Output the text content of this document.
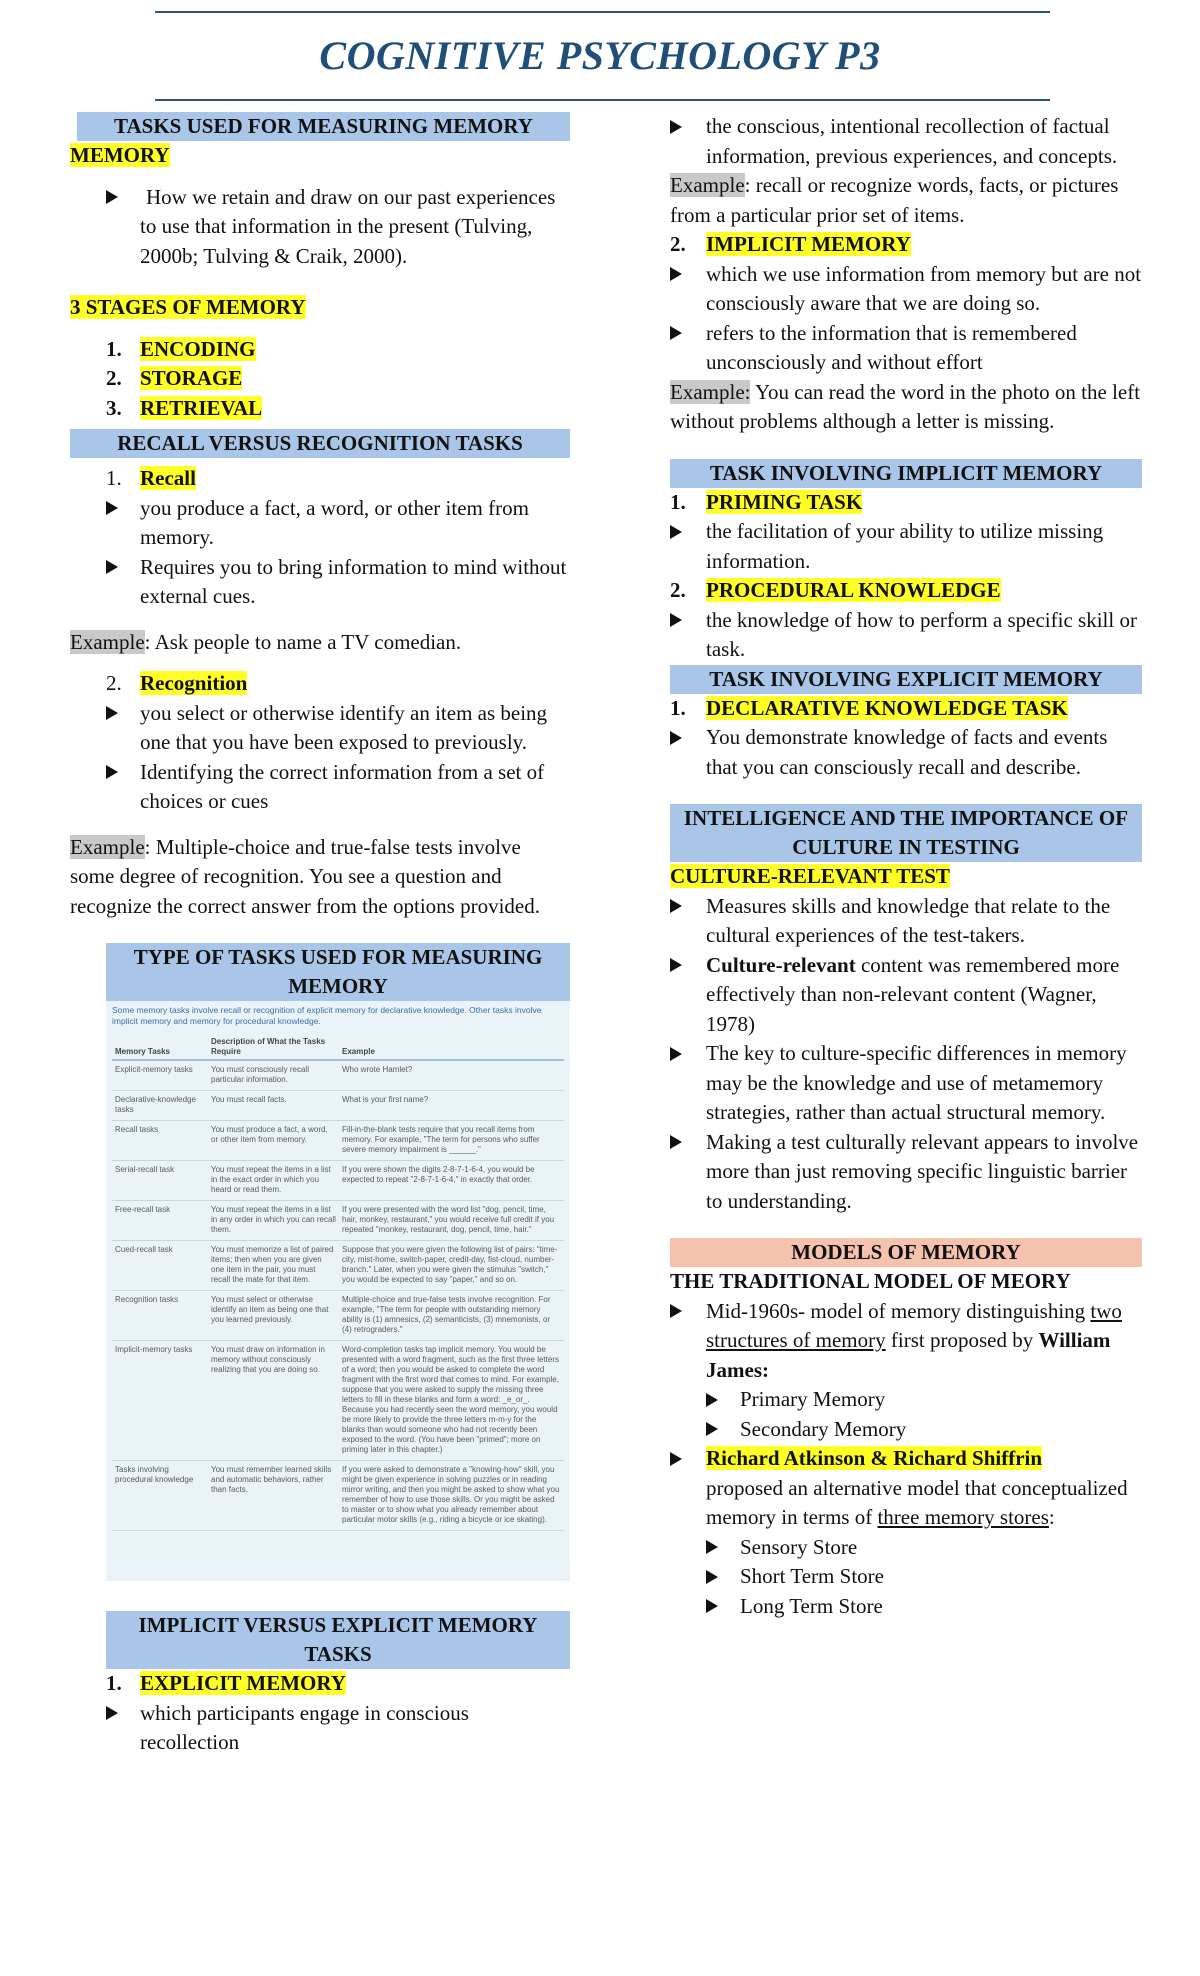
COGNITIVE PSYCHOLOGY P3
TASKS USED FOR MEASURING MEMORY
MEMORY
How we retain and draw on our past experiences to use that information in the present (Tulving, 2000b; Tulving & Craik, 2000).
3 STAGES OF MEMORY
1. ENCODING
2. STORAGE
3. RETRIEVAL
RECALL VERSUS RECOGNITION TASKS
1. Recall
you produce a fact, a word, or other item from memory.
Requires you to bring information to mind without external cues.
Example: Ask people to name a TV comedian.
2. Recognition
you select or otherwise identify an item as being one that you have been exposed to previously.
Identifying the correct information from a set of choices or cues
Example: Multiple-choice and true-false tests involve some degree of recognition. You see a question and recognize the correct answer from the options provided.
TYPE OF TASKS USED FOR MEASURING MEMORY
Some memory tasks involve recall or recognition of explicit memory for declarative knowledge. Other tasks involve implicit memory and memory for procedural knowledge.
Memory Tasks	Description of What the Tasks Require	Example
Explicit-memory tasks	You must consciously recall particular information.	Who wrote Hamlet?
Declarative-knowledge tasks	You must recall facts.	What is your first name?
Recall tasks	You must produce a fact, a word, or other item from memory.	Fill-in-the-blank tests require that you recall items from memory. For example, "The term for persons who suffer severe memory impairment is ______."
Serial-recall task	You must repeat the items in a list in the exact order in which you heard or read them.	If you were shown the digits 2-8-7-1-6-4, you would be expected to repeat "2-8-7-1-6-4," in exactly that order.
Free-recall task	You must repeat the items in a list in any order in which you can recall them.	If you were presented with the word list "dog, pencil, time, hair, monkey, restaurant," you would receive full credit if you repeated "monkey, restaurant, dog, pencil, time, hair."
Cued-recall task	You must memorize a list of paired items; then when you are given one item in the pair, you must recall the mate for that item.	Suppose that you were given the following list of pairs: "time-city, mist-home, switch-paper, credit-day, fist-cloud, number-branch." Later, when you were given the stimulus "switch," you would be expected to say "paper," and so on.
Recognition tasks	You must select or otherwise identify an item as being one that you learned previously.	Multiple-choice and true-false tests involve recognition. For example, "The term for people with outstanding memory ability is (1) amnesics, (2) semanticists, (3) mnemonists, or (4) retrograders."
Implicit-memory tasks	You must draw on information in memory without consciously realizing that you are doing so.	Word-completion tasks tap implicit memory. You would be presented with a word fragment, such as the first three letters of a word; then you would be asked to complete the word fragment with the first word that comes to mind. For example, suppose that you were asked to supply the missing three letters to fill in these blanks and form a word: _e_or_. Because you had recently seen the word memory, you would be more likely to provide the three letters m-m-y for the blanks than would someone who had not recently been exposed to the word. (You have been "primed"; more on priming later in this chapter.)
Tasks involving procedural knowledge	You must remember learned skills and automatic behaviors, rather than facts.	If you were asked to demonstrate a "knowing-how" skill, you might be given experience in solving puzzles or in reading mirror writing, and then you might be asked to show what you remember of how to use those skills. Or you might be asked to master or to show what you already remember about particular motor skills (e.g., riding a bicycle or ice skating).
IMPLICIT VERSUS EXPLICIT MEMORY TASKS
1. EXPLICIT MEMORY
which participants engage in conscious recollection
the conscious, intentional recollection of factual information, previous experiences, and concepts.
Example: recall or recognize words, facts, or pictures from a particular prior set of items.
2. IMPLICIT MEMORY
which we use information from memory but are not consciously aware that we are doing so.
refers to the information that is remembered unconsciously and without effort
Example: You can read the word in the photo on the left without problems although a letter is missing.
TASK INVOLVING IMPLICIT MEMORY
1. PRIMING TASK
the facilitation of your ability to utilize missing information.
2. PROCEDURAL KNOWLEDGE
the knowledge of how to perform a specific skill or task.
TASK INVOLVING EXPLICIT MEMORY
1. DECLARATIVE KNOWLEDGE TASK
You demonstrate knowledge of facts and events that you can consciously recall and describe.
INTELLIGENCE AND THE IMPORTANCE OF CULTURE IN TESTING
CULTURE-RELEVANT TEST
Measures skills and knowledge that relate to the cultural experiences of the test-takers.
Culture-relevant content was remembered more effectively than non-relevant content (Wagner, 1978)
The key to culture-specific differences in memory may be the knowledge and use of metamemory strategies, rather than actual structural memory.
Making a test culturally relevant appears to involve more than just removing specific linguistic barrier to understanding.
MODELS OF MEMORY
THE TRADITIONAL MODEL OF MEORY
Mid-1960s- model of memory distinguishing two structures of memory first proposed by William James:
Primary Memory
Secondary Memory
Richard Atkinson & Richard Shiffrin
proposed an alternative model that conceptualized memory in terms of three memory stores:
Sensory Store
Short Term Store
Long Term Store
